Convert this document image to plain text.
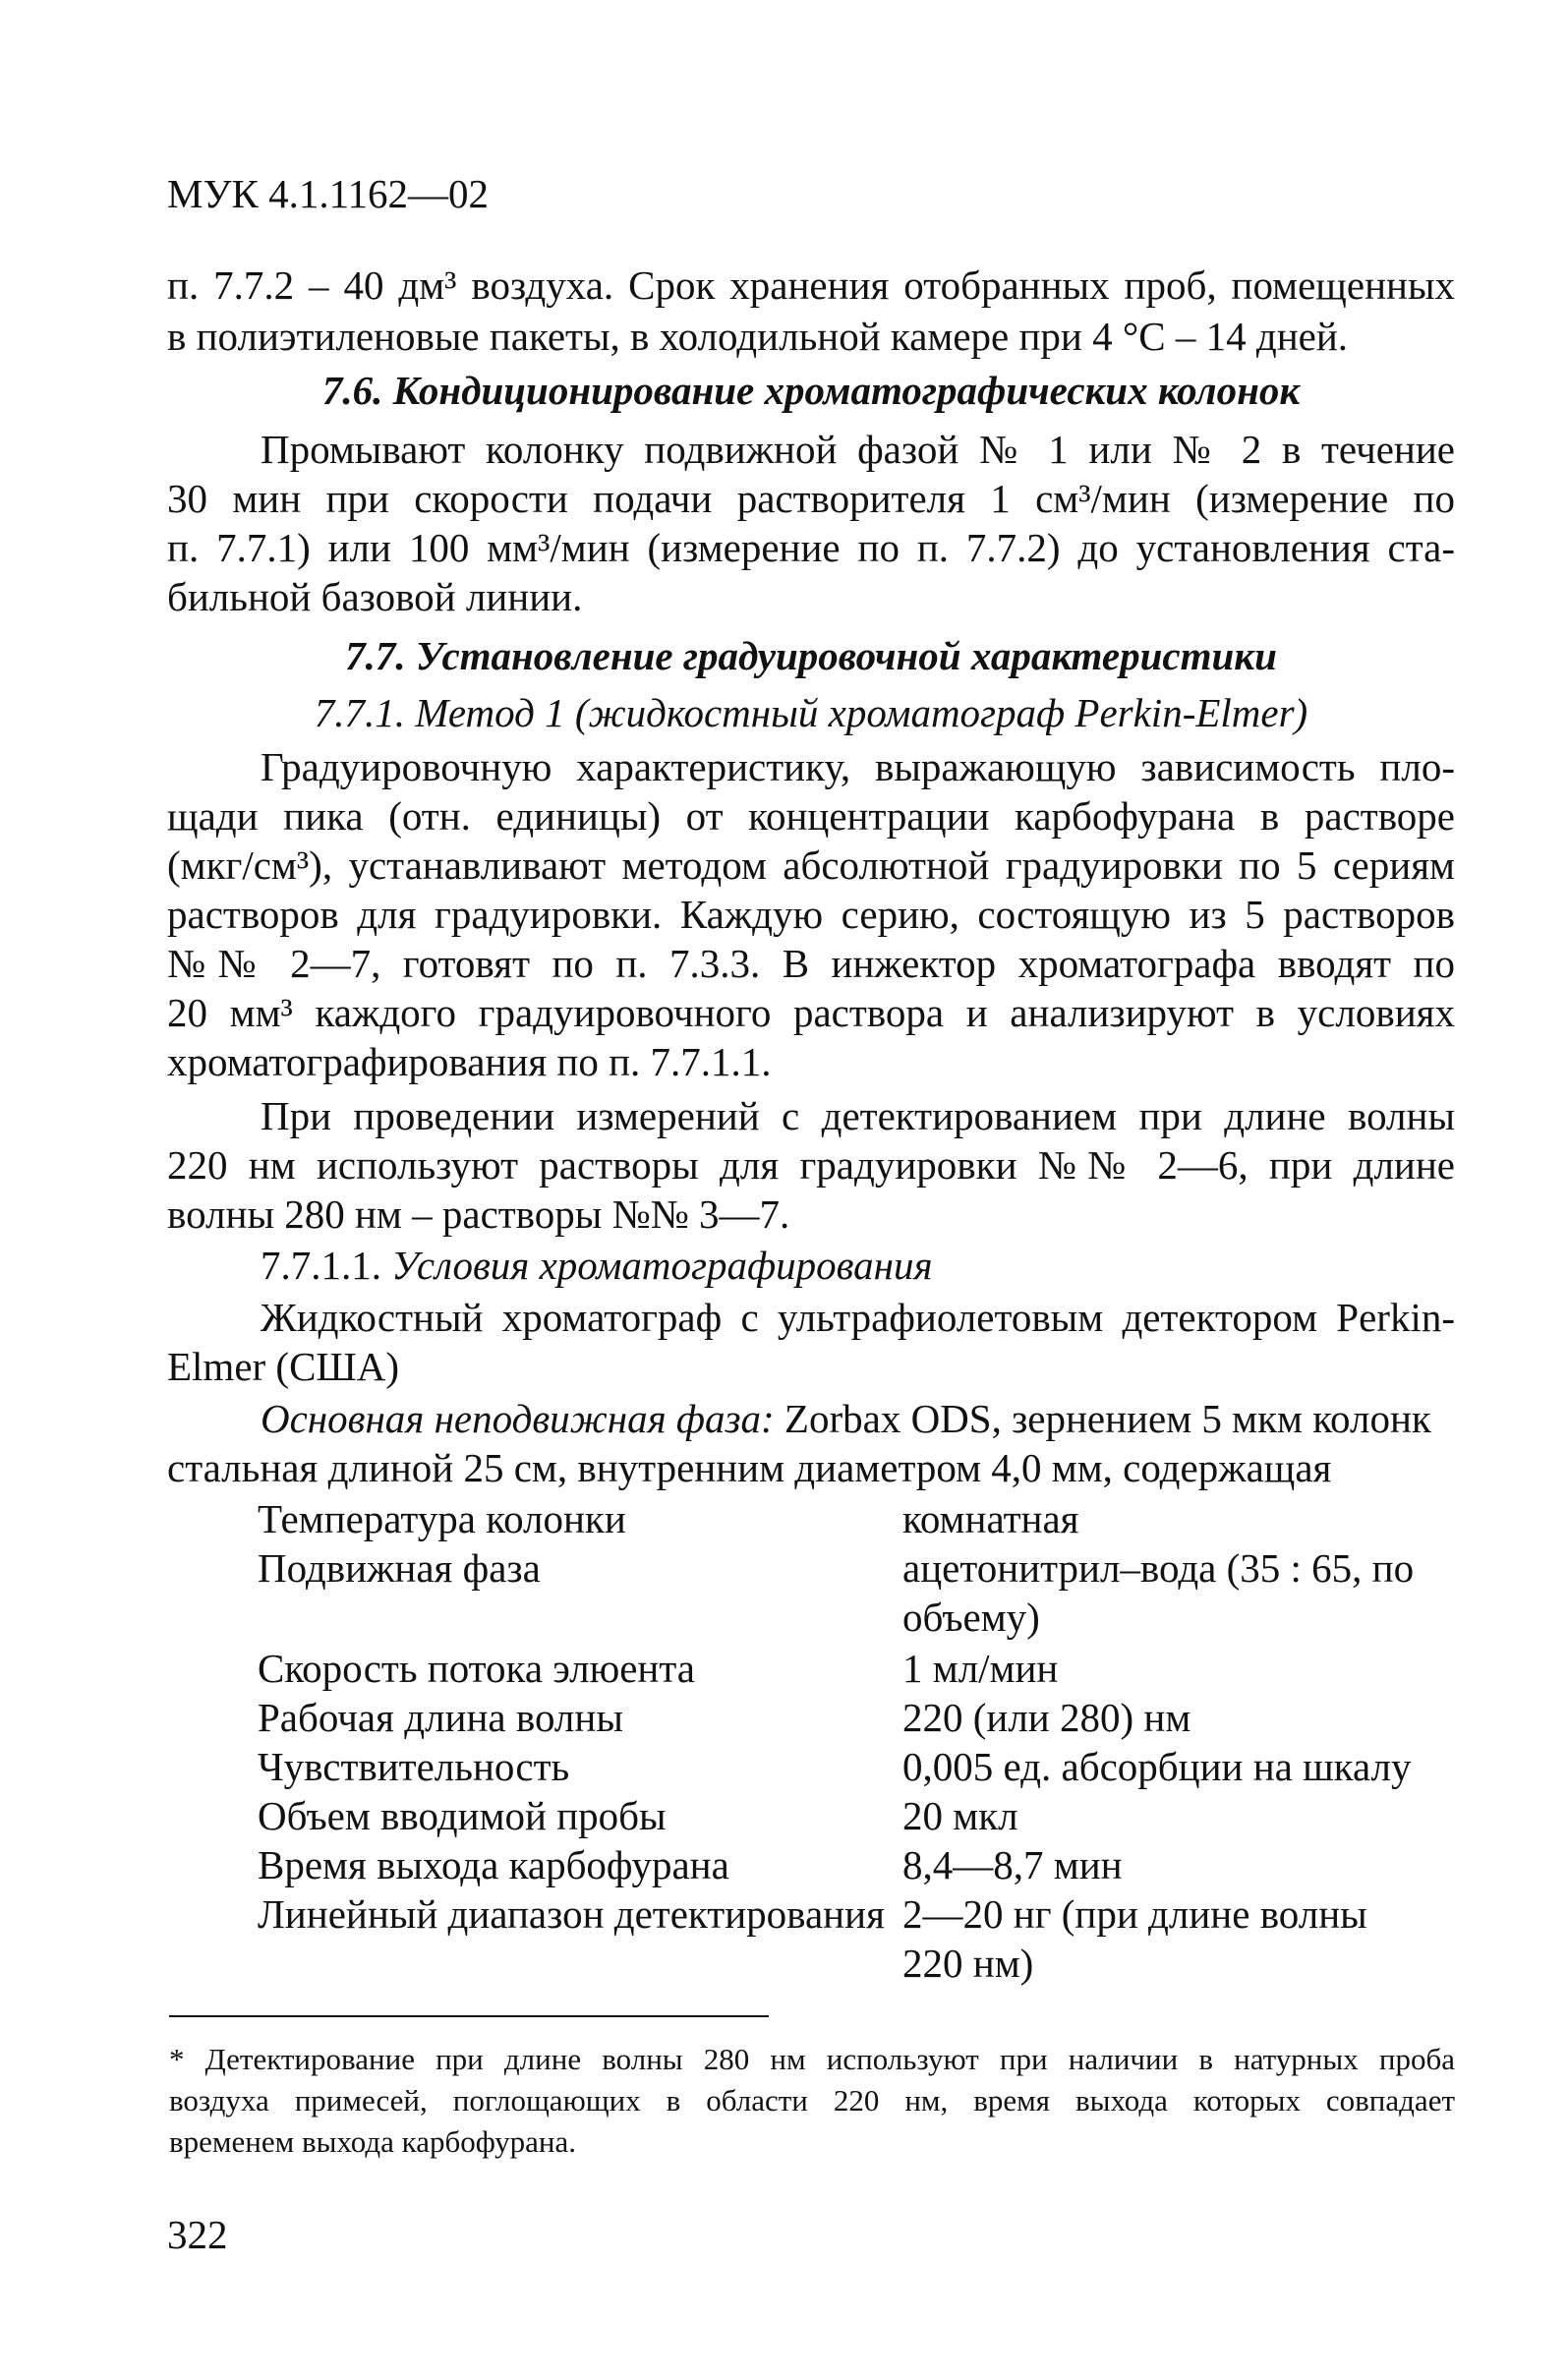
МУК 4.1.1162—02
п. 7.7.2 – 40 дм³ воздуха. Срок хранения отобранных проб, помещенных
в полиэтиленовые пакеты, в холодильной камере при 4 °С – 14 дней.
7.6. Кондиционирование хроматографических колонок
Промывают колонку подвижной фазой № 1 или № 2 в течение
30 мин при скорости подачи растворителя 1 см³/мин (измерение по
п. 7.7.1) или 100 мм³/мин (измерение по п. 7.7.2) до установления ста-
бильной базовой линии.
7.7. Установление градуировочной характеристики
7.7.1. Метод 1 (жидкостный хроматограф Perkin-Elmer)
Градуировочную характеристику, выражающую зависимость пло-
щади пика (отн. единицы) от концентрации карбофурана в растворе
(мкг/см³), устанавливают методом абсолютной градуировки по 5 сериям
растворов для градуировки. Каждую серию, состоящую из 5 растворов
№№ 2—7, готовят по п. 7.3.3. В инжектор хроматографа вводят по
20 мм³ каждого градуировочного раствора и анализируют в условиях
хроматографирования по п. 7.7.1.1.
При проведении измерений с детектированием при длине волны
220 нм используют растворы для градуировки №№ 2—6, при длине
волны 280 нм – растворы №№ 3—7.
7.7.1.1. Условия хроматографирования
Жидкостный хроматограф с ультрафиолетовым детектором Perkin-
Elmer (США)
Основная неподвижная фаза: Zorbax ODS, зернением 5 мкм колонк
стальная длиной 25 см, внутренним диаметром 4,0 мм, содержащая
Температура колонки	комнатная
Подвижная фаза	ацетонитрил–вода (35 : 65, по
объему)
Скорость потока элюента	1 мл/мин
Рабочая длина волны	220 (или 280) нм
Чувствительность	0,005 ед. абсорбции на шкалу
Объем вводимой пробы	20 мкл
Время выхода карбофурана	8,4—8,7 мин
Линейный диапазон детектирования 2—20 нг (при длине волны
220 нм)
* Детектирование при длине волны 280 нм используют при наличии в натурных проба
воздуха примесей, поглощающих в области 220 нм, время выхода которых совпадает
временем выхода карбофурана.
322
